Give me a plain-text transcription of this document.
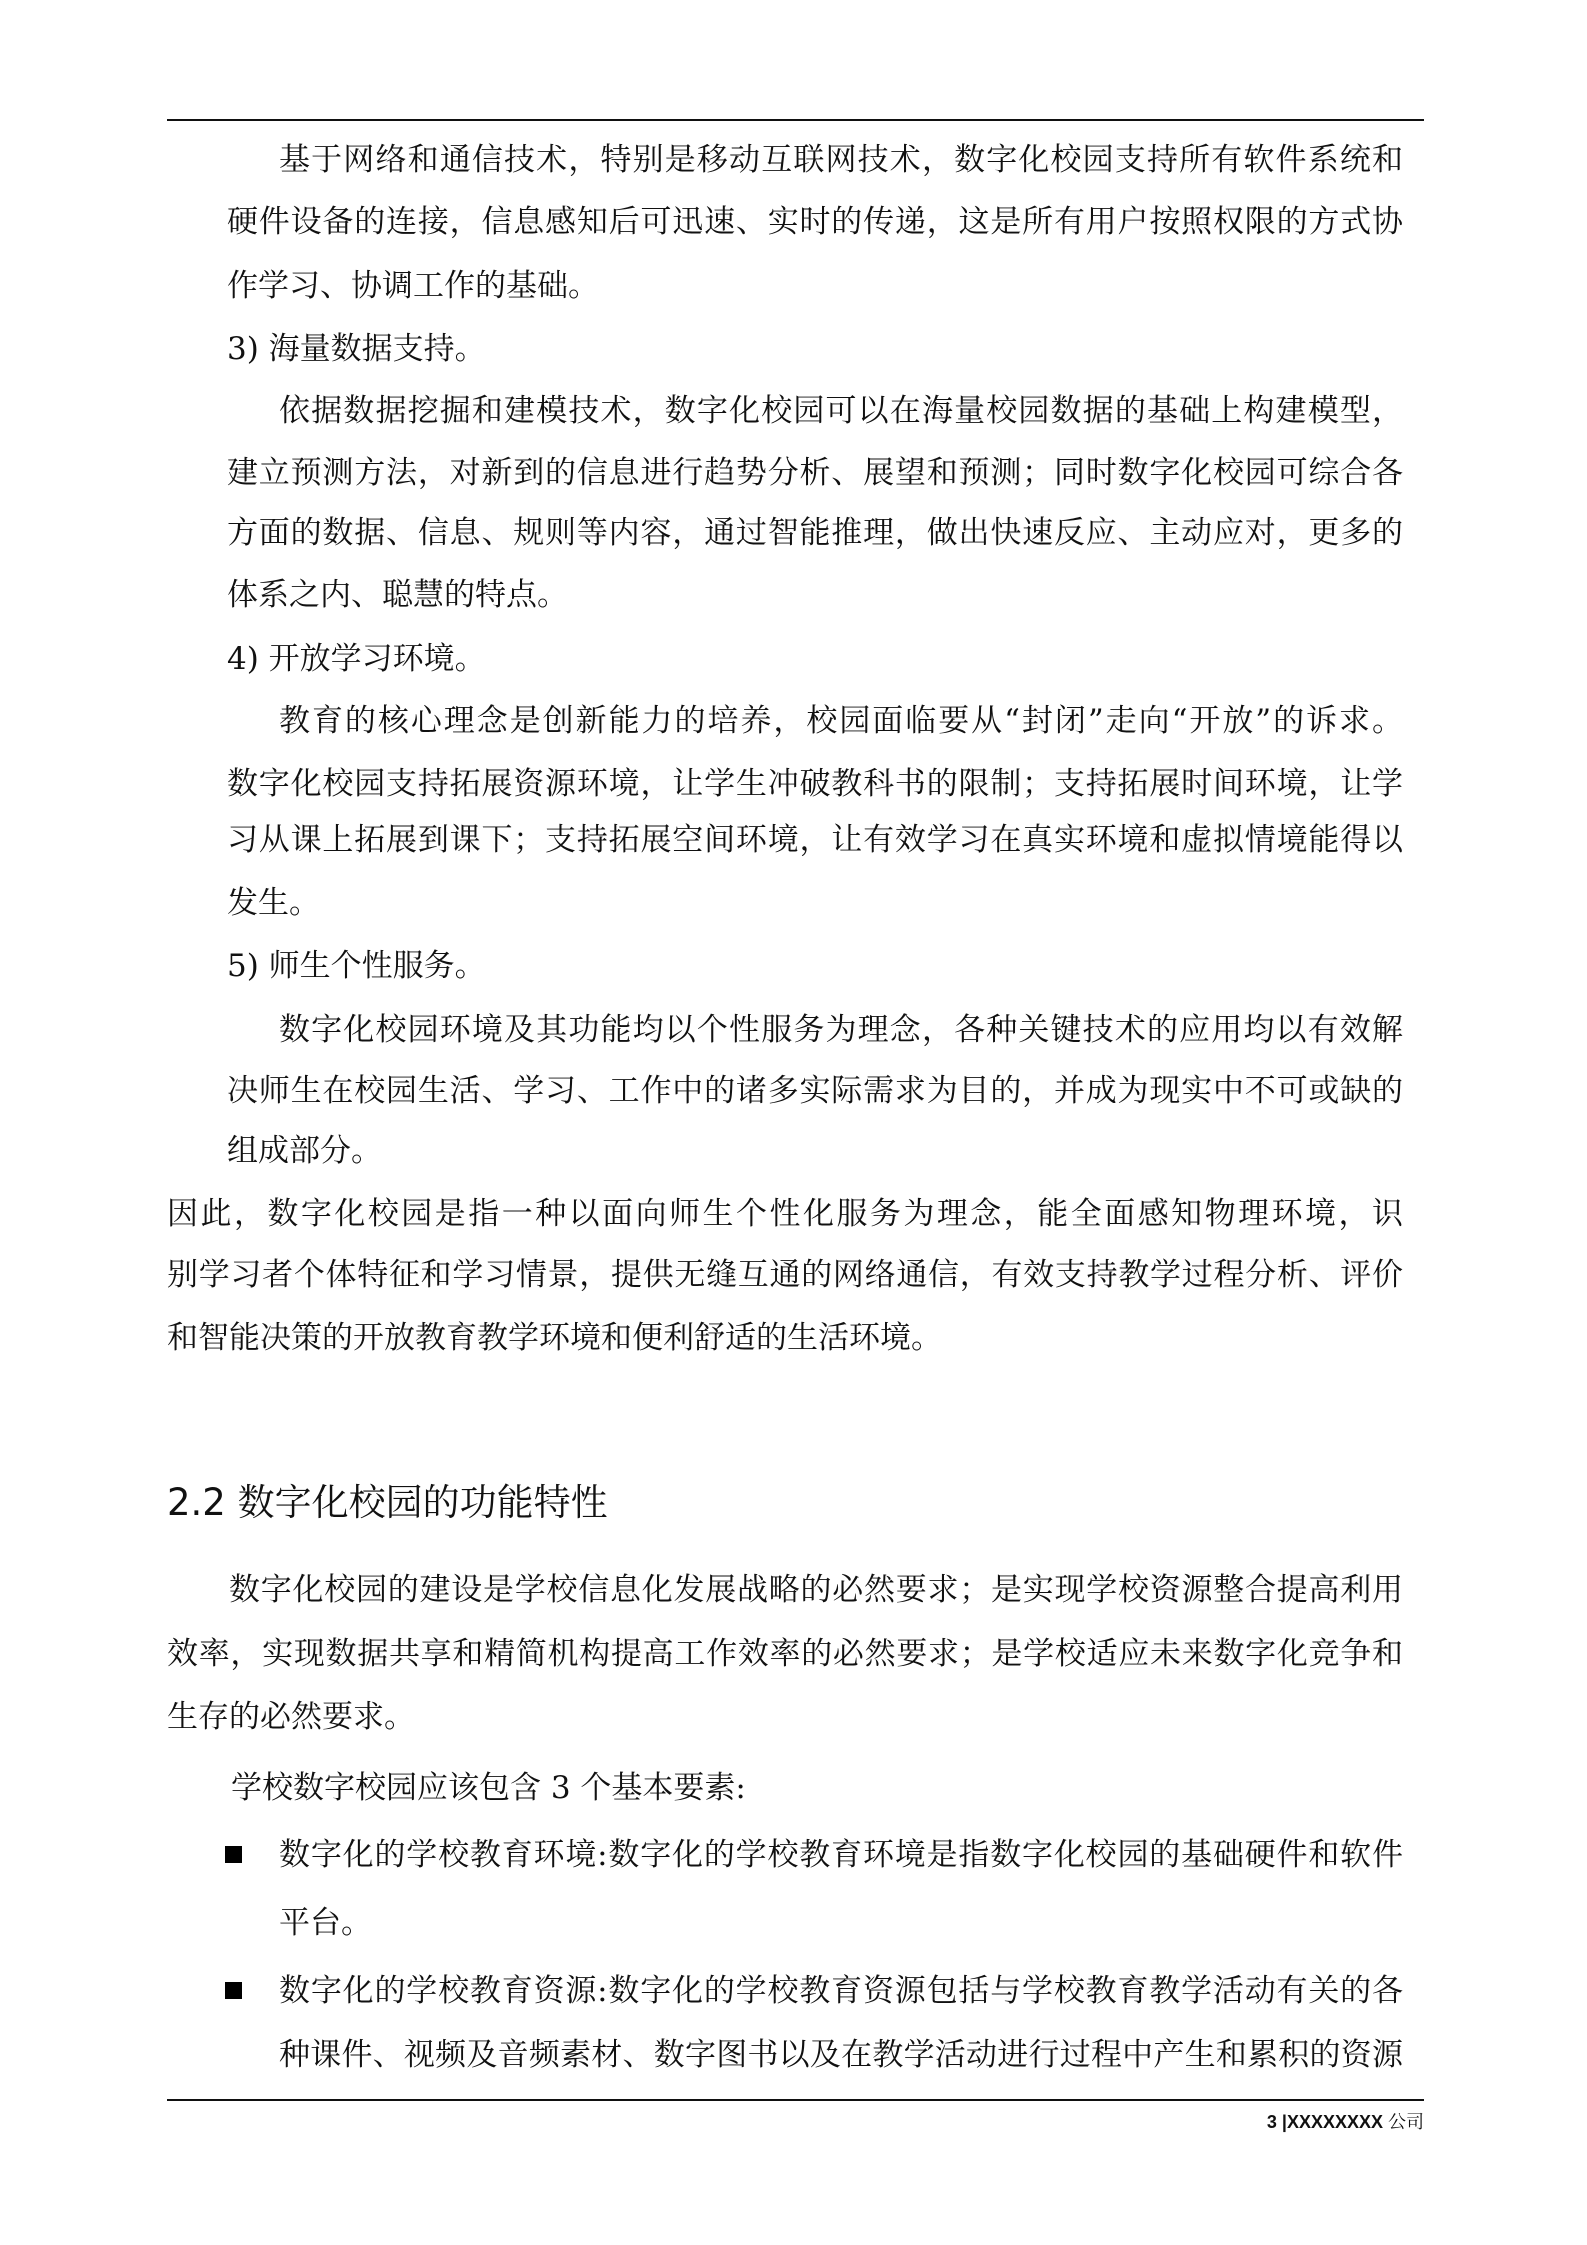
基于网络和通信技术，特别是移动互联网技术，数字化校园支持所有软件系统和
硬件设备的连接，信息感知后可迅速、实时的传递，这是所有用户按照权限的方式协
作学习、协调工作的基础。
3) 海量数据支持。
依据数据挖掘和建模技术，数字化校园可以在海量校园数据的基础上构建模型，
建立预测方法，对新到的信息进行趋势分析、展望和预测；同时数字化校园可综合各
方面的数据、信息、规则等内容，通过智能推理，做出快速反应、主动应对，更多的
体系之内、聪慧的特点。
4) 开放学习环境。
教育的核心理念是创新能力的培养，校园面临要从“封闭”走向“开放”的诉求。
数字化校园支持拓展资源环境，让学生冲破教科书的限制；支持拓展时间环境，让学
习从课上拓展到课下；支持拓展空间环境，让有效学习在真实环境和虚拟情境能得以
发生。
5) 师生个性服务。
数字化校园环境及其功能均以个性服务为理念，各种关键技术的应用均以有效解
决师生在校园生活、学习、工作中的诸多实际需求为目的，并成为现实中不可或缺的
组成部分。
因此，数字化校园是指一种以面向师生个性化服务为理念，能全面感知物理环境，识
别学习者个体特征和学习情景，提供无缝互通的网络通信，有效支持教学过程分析、评价
和智能决策的开放教育教学环境和便利舒适的生活环境。
2.2 数字化校园的功能特性
数字化校园的建设是学校信息化发展战略的必然要求；是实现学校资源整合提高利用
效率，实现数据共享和精简机构提高工作效率的必然要求；是学校适应未来数字化竞争和
生存的必然要求。
学校数字校园应该包含 3 个基本要素:
数字化的学校教育环境:数字化的学校教育环境是指数字化校园的基础硬件和软件
平台。
数字化的学校教育资源:数字化的学校教育资源包括与学校教育教学活动有关的各
种课件、视频及音频素材、数字图书以及在教学活动进行过程中产生和累积的资源
3 |XXXXXXXX 公司
